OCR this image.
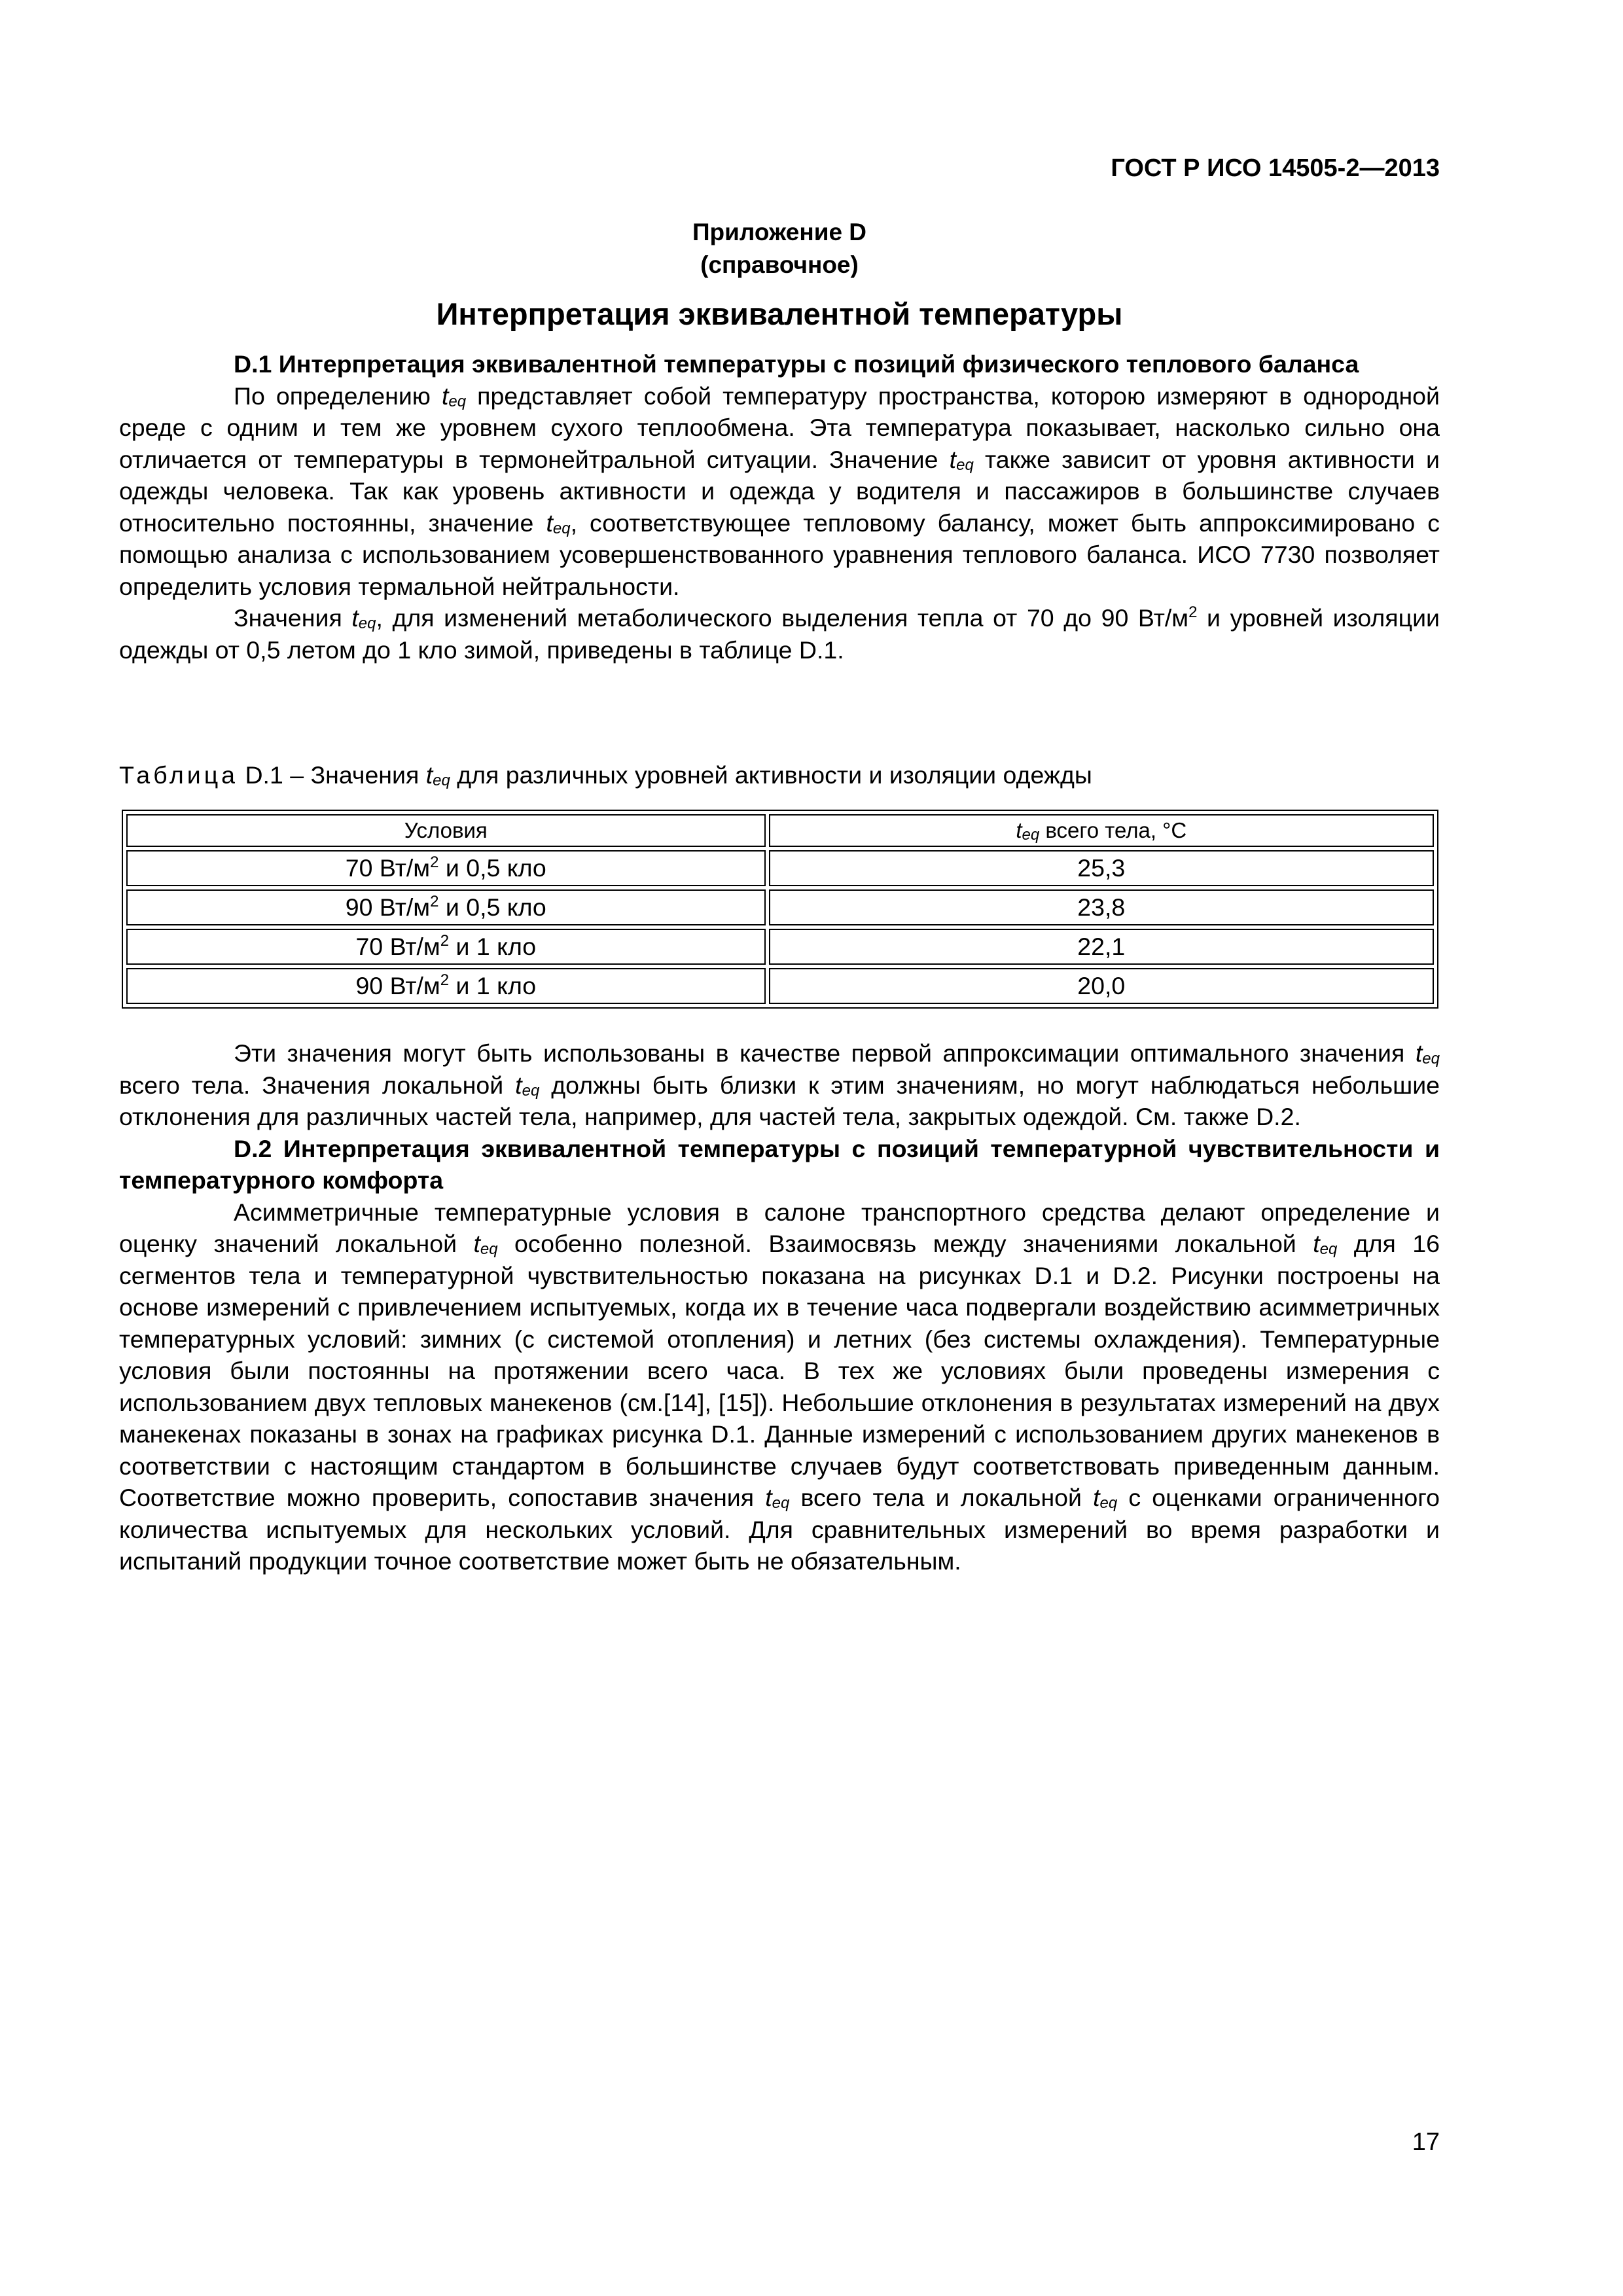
ГОСТ Р ИСО 14505-2—2013
Приложение D
(справочное)
Интерпретация эквивалентной температуры
D.1 Интерпретация эквивалентной температуры с позиций физического теплового баланса

По определению $t_{eq}$ представляет собой температуру пространства, которою измеряют в однородной среде с одним и тем же уровнем сухого теплообмена. Эта температура показывает, насколько сильно она отличается от температуры в термонейтральной ситуации. Значение $t_{eq}$ также зависит от уровня активности и одежды человека. Так как уровень активности и одежда у водителя и пассажиров в большинстве случаев относительно постоянны, значение $t_{eq}$, соответствующее тепловому балансу, может быть аппроксимировано с помощью анализа с использованием усовершенствованного уравнения теплового баланса. ИСО 7730 позволяет определить условия термальной нейтральности.

Значения $t_{eq}$, для изменений метаболического выделения тепла от 70 до 90 $Вт/м^2$ и уровней изоляции одежды от 0,5 летом до 1 кло зимой, приведены в таблице D.1.

Таблица D.1 – Значения $t_{eq}$ для различных уровней активности и изоляции одежды
Условия	$t_{eq}$ всего тела, °С
70 $Вт/м^2$ и 0,5 кло	25,3
90 $Вт/м^2$ и 0,5 кло	23,8
70 $Вт/м^2$ и 1 кло	22,1
90 $Вт/м^2$ и 1 кло	20,0

Эти значения могут быть использованы в качестве первой аппроксимации оптимального значения $t_{eq}$ всего тела. Значения локальной $t_{eq}$ должны быть близки к этим значениям, но могут наблюдаться небольшие отклонения для различных частей тела, например, для частей тела, закрытых одеждой. См. также D.2.

D.2 Интерпретация эквивалентной температуры с позиций температурной чувствительности и температурного комфорта

Асимметричные температурные условия в салоне транспортного средства делают определение и оценку значений локальной $t_{eq}$ особенно полезной. Взаимосвязь между значениями локальной $t_{eq}$ для 16 сегментов тела и температурной чувствительностью показана на рисунках D.1 и D.2. Рисунки построены на основе измерений с привлечением испытуемых, когда их в течение часа подвергали воздействию асимметричных температурных условий: зимних (с системой отопления) и летних (без системы охлаждения). Температурные условия были постоянны на протяжении всего часа. В тех же условиях были проведены измерения с использованием двух тепловых манекенов (см.[14], [15]). Небольшие отклонения в результатах измерений на двух манекенах показаны в зонах на графиках рисунка D.1. Данные измерений с использованием других манекенов в соответствии с настоящим стандартом в большинстве случаев будут соответствовать приведенным данным. Соответствие можно проверить, сопоставив значения $t_{eq}$ всего тела и локальной $t_{eq}$ с оценками ограниченного количества испытуемых для нескольких условий. Для сравнительных измерений во время разработки и испытаний продукции точное соответствие может быть не обязательным.

17
